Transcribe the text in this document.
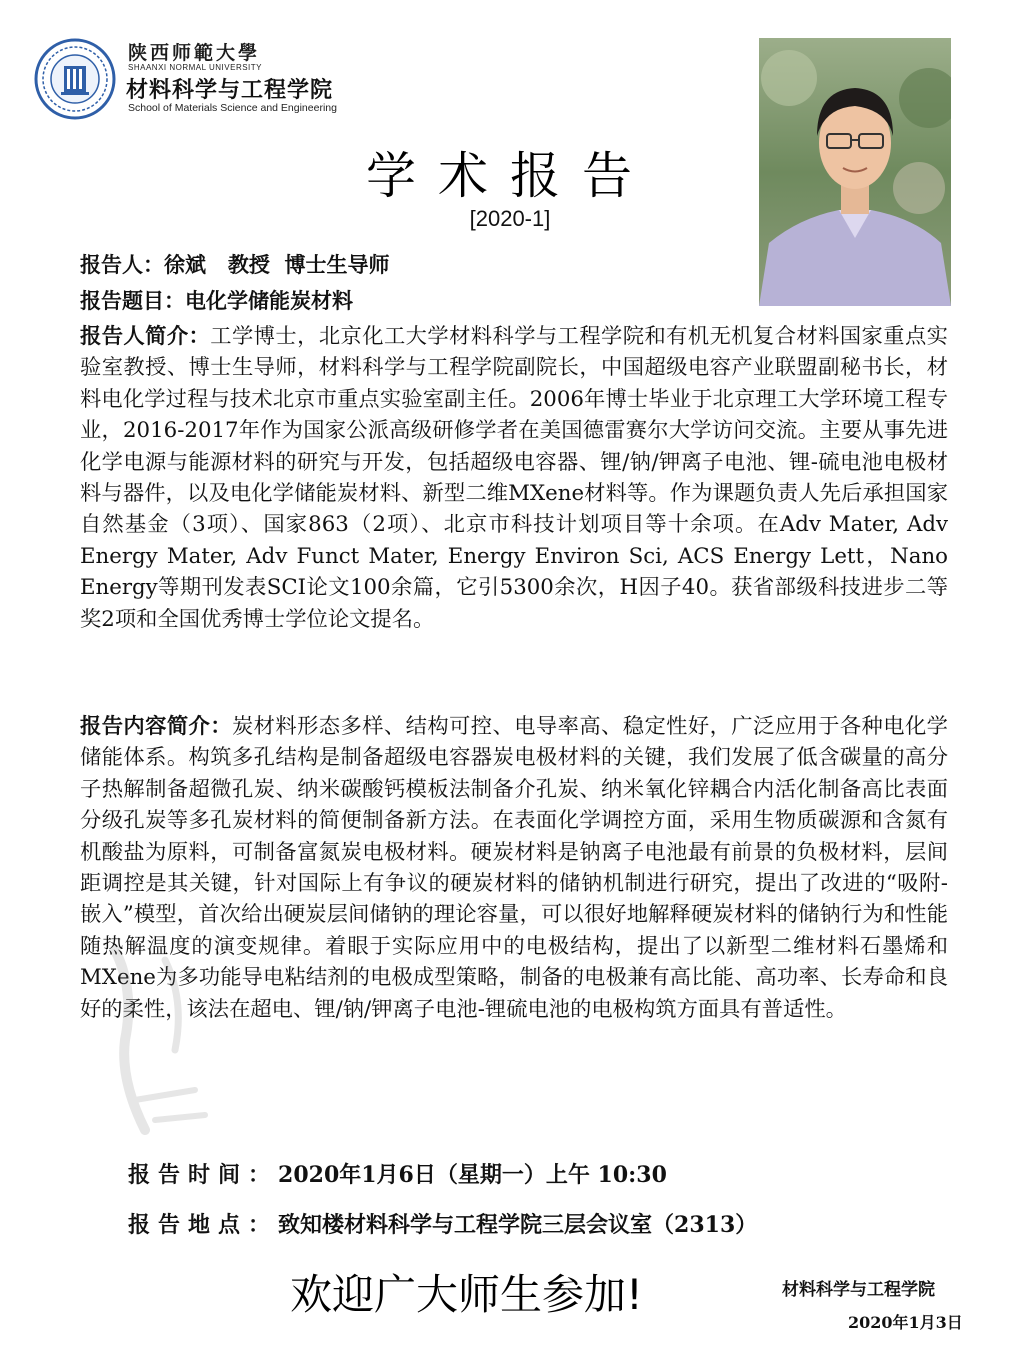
陕西师範大學
SHAANXI NORMAL UNIVERSITY
材料科学与工程学院
School of Materials Science and Engineering
学术报告
[2020-1]
报告人：徐斌   教授  博士生导师
报告题目：电化学储能炭材料

报告人简介：工学博士，北京化工大学材料科学与工程学院和有机无机复合材料国家重点实验室教授、博士生导师，材料科学与工程学院副院长，中国超级电容产业联盟副秘书长，材料电化学过程与技术北京市重点实验室副主任。2006年博士毕业于北京理工大学环境工程专业，2016-2017年作为国家公派高级研修学者在美国德雷赛尔大学访问交流。主要从事先进化学电源与能源材料的研究与开发，包括超级电容器、锂/钠/钾离子电池、锂-硫电池电极材料与器件，以及电化学储能炭材料、新型二维MXene材料等。作为课题负责人先后承担国家自然基金（3项）、国家863（2项）、北京市科技计划项目等十余项。在Adv Mater, Adv Energy Mater, Adv Funct Mater, Energy Environ Sci, ACS Energy Lett，Nano Energy等期刊发表SCI论文100余篇，它引5300余次，H因子40。获省部级科技进步二等奖2项和全国优秀博士学位论文提名。

报告内容简介：炭材料形态多样、结构可控、电导率高、稳定性好，广泛应用于各种电化学储能体系。构筑多孔结构是制备超级电容器炭电极材料的关键，我们发展了低含碳量的高分子热解制备超微孔炭、纳米碳酸钙模板法制备介孔炭、纳米氧化锌耦合内活化制备高比表面分级孔炭等多孔炭材料的简便制备新方法。在表面化学调控方面，采用生物质碳源和含氮有机酸盐为原料，可制备富氮炭电极材料。硬炭材料是钠离子电池最有前景的负极材料，层间距调控是其关键，针对国际上有争议的硬炭材料的储钠机制进行研究，提出了改进的“吸附-嵌入”模型，首次给出硬炭层间储钠的理论容量，可以很好地解释硬炭材料的储钠行为和性能随热解温度的演变规律。着眼于实际应用中的电极结构，提出了以新型二维材料石墨烯和MXene为多功能导电粘结剂的电极成型策略，制备的电极兼有高比能、高功率、长寿命和良好的柔性，该法在超电、锂/钠/钾离子电池-锂硫电池的电极构筑方面具有普适性。

报告时间：2020年1月6日（星期一）上午 10:30
报告地点：致知楼材料科学与工程学院三层会议室（2313）
欢迎广大师生参加!	材料科学与工程学院
2020年1月3日
